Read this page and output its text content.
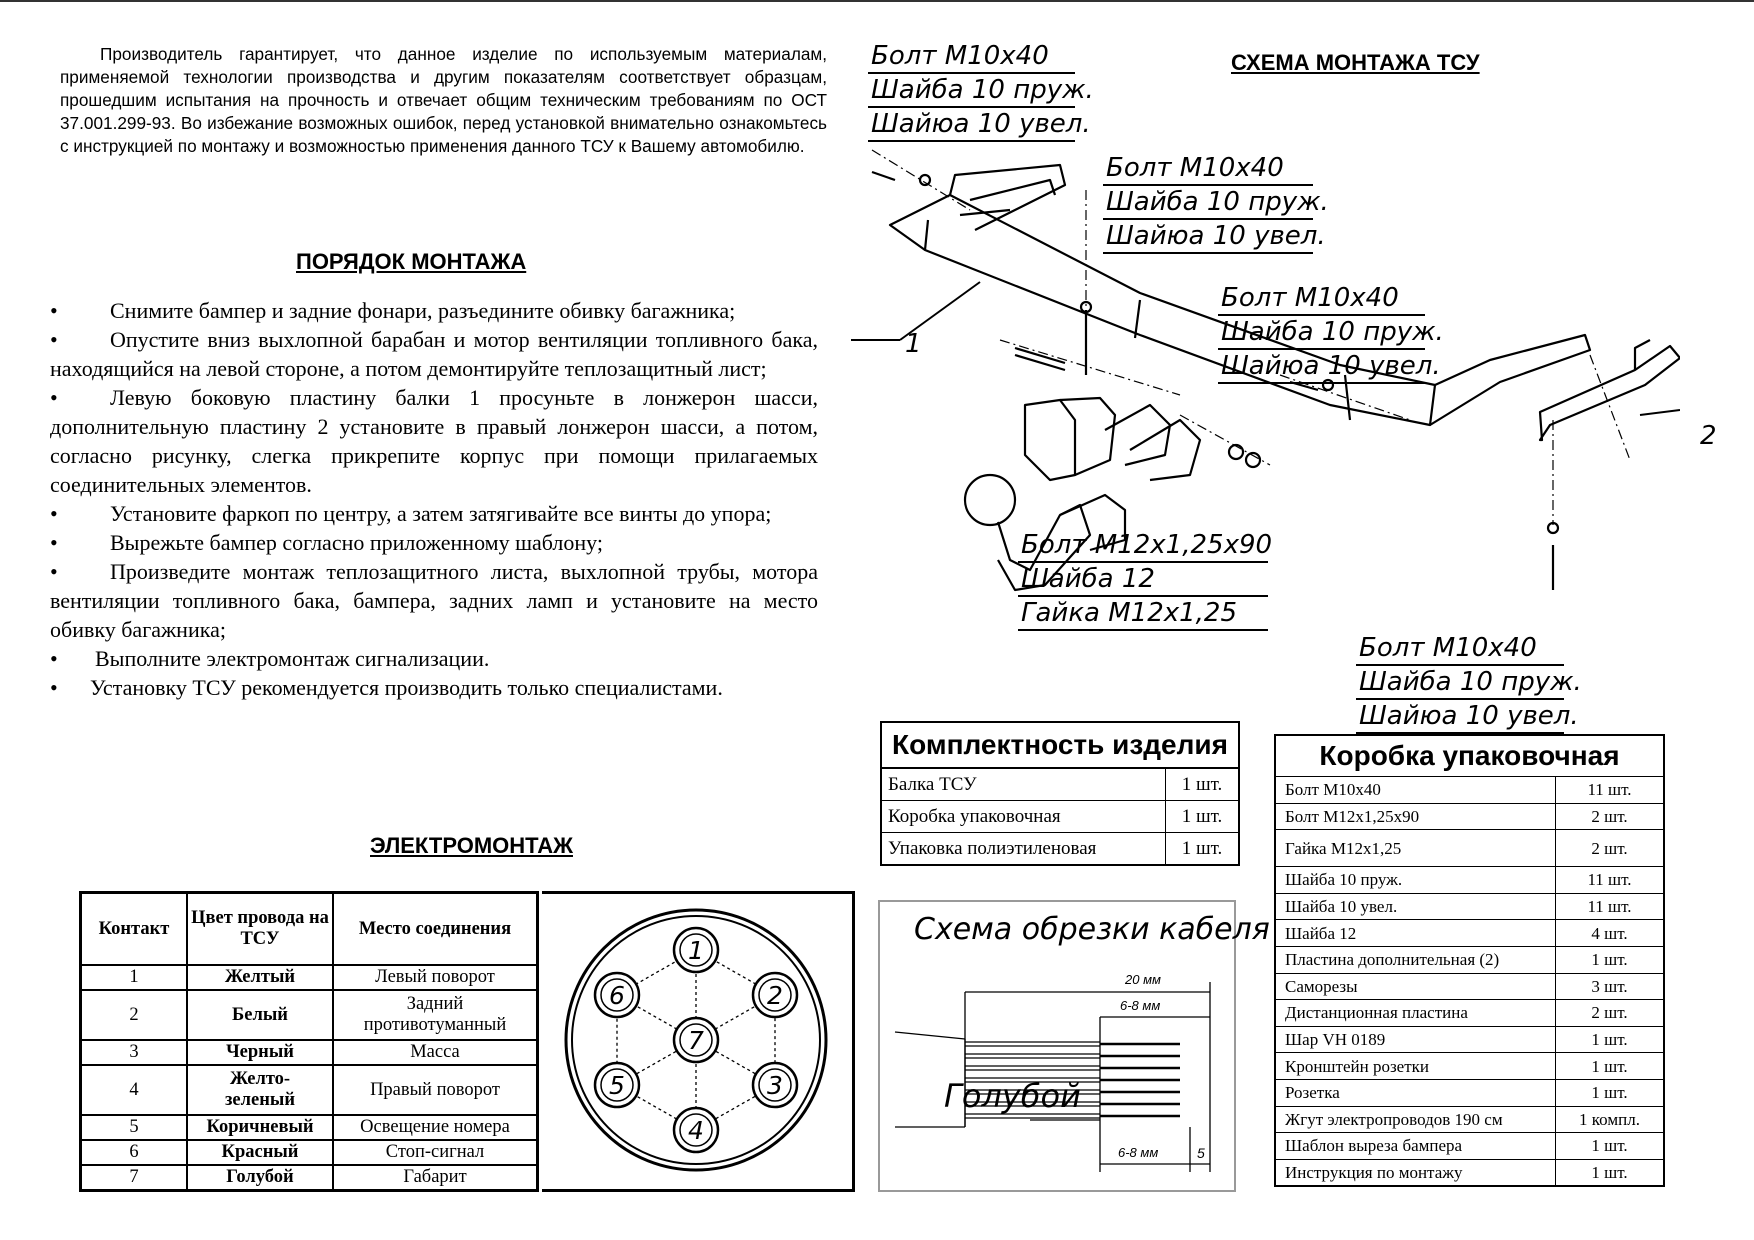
Производитель гарантирует, что данное изделие по используемым материалам, применяемой технологии производства и другим показателям соответствует образцам, прошедшим испытания на прочность и отвечает общим техническим требованиям по ОСТ 37.001.299-93. Во избежание возможных ошибок, перед установкой внимательно ознакомьтесь с инструкцией по монтажу и возможностью применения данного ТСУ к Вашему автомобилю.
ПОРЯДОК МОНТАЖА
• Снимите бампер и задние фонари, разъедините обивку багажника;
• Опустите вниз выхлопной барабан и мотор вентиляции топливного бака, находящийся на левой стороне, а потом демонтируйте теплозащитный лист;
• Левую боковую пластину балки 1 просуньте в лонжерон шасси, дополнительную пластину 2 установите в правый лонжерон шасси, а потом, согласно рисунку, слегка прикрепите корпус при помощи прилагаемых соединительных элементов.
• Установите фаркоп по центру, а затем затягивайте все винты до упора;
• Вырежьте бампер согласно приложенному шаблону;
• Произведите монтаж теплозащитного листа, выхлопной трубы, мотора вентиляции топливного бака, бампера, задних ламп и установите на место обивку багажника;
• Выполните электромонтаж сигнализации.
• Установку ТСУ рекомендуется производить только специалистами.
ЭЛЕКТРОМОНТАЖ
Контакт	Цвет провода на ТСУ	Место соединения
1	Желтый	Левый поворот
2	Белый	Задний противотуманный
3	Черный	Масса
4	Желто-зеленый	Правый поворот
5	Коричневый	Освещение номера
6	Красный	Стоп-сигнал
7	Голубой	Габарит
1
2
3
4
5
6
7
СХЕМА МОНТАЖА ТСУ
1
2
Болт М10х40
Шайба 10 пруж.
Шайюа 10 увел.
Болт М10х40
Шайба 10 пруж.
Шайюа 10 увел.
Болт М10х40
Шайба 10 пруж.
Шайюа 10 увел.
Болт М12х1,25х90
Шайба 12
Гайка М12х1,25
Болт М10х40
Шайба 10 пруж.
Шайюа 10 увел.
Комплектность изделия	
Балка ТСУ	1 шт.
Коробка упаковочная	1 шт.
Упаковка полиэтиленовая	1 шт.
Схема обрезки кабеля
20 мм
6-8 мм
6-8 мм	5
Голубой
Коробка упаковочная	
Болт М10х40	11 шт.
Болт М12х1,25х90	2 шт.
Гайка М12х1,25	2 шт.
Шайба 10 пруж.	11 шт.
Шайба 10 увел.	11 шт.
Шайба 12	4 шт.
Пластина дополнительная (2)	1 шт.
Саморезы	3 шт.
Дистанционная пластина	2 шт.
Шар VH 0189	1 шт.
Кронштейн розетки	1 шт.
Розетка	1 шт.
Жгут электропроводов 190 см	1 компл.
Шаблон выреза бампера	1 шт.
Инструкция по монтажу	1 шт.
